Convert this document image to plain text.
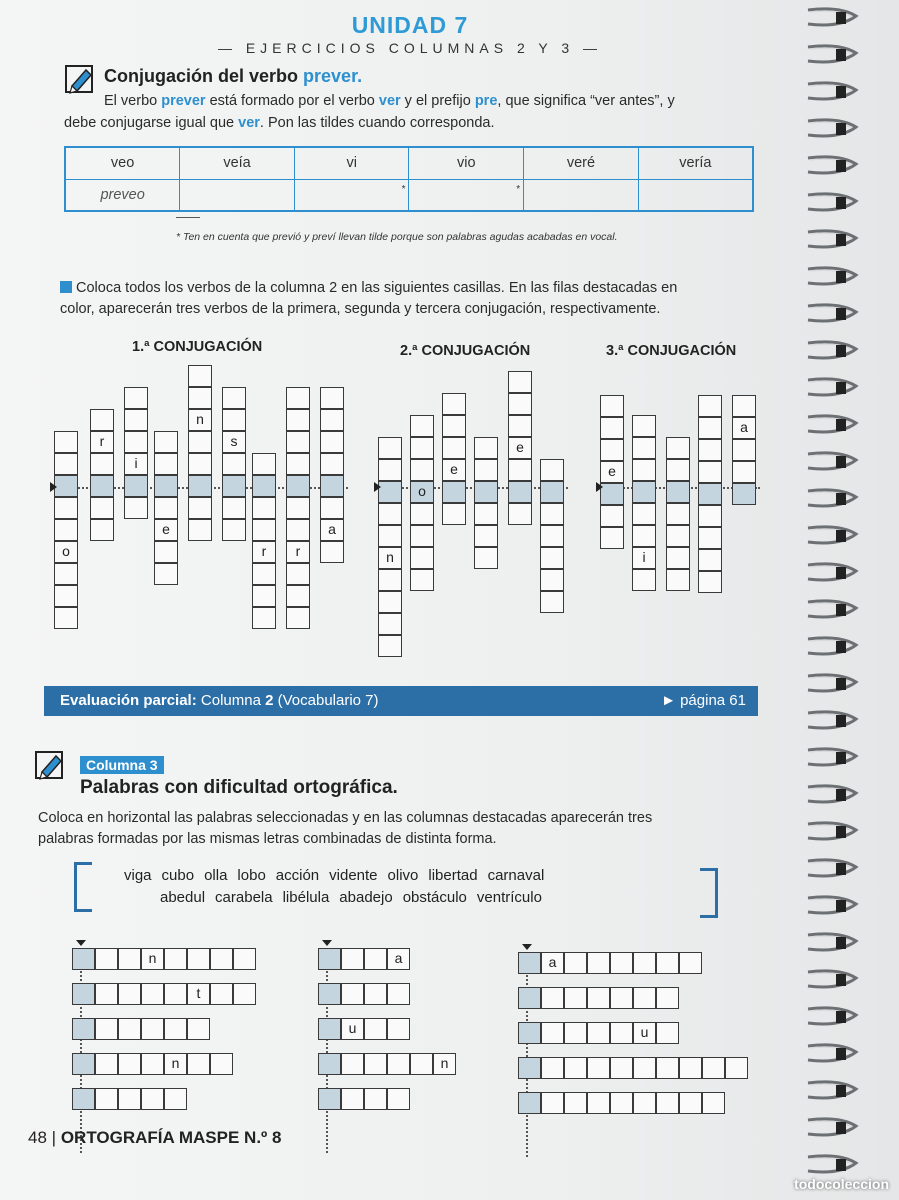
UNIDAD 7
— EJERCICIOS COLUMNAS 2 Y 3 —
Conjugación del verbo prever.
El verbo prever está formado por el verbo ver y el prefijo pre, que significa “ver antes”, y
debe conjugarse igual que ver. Pon las tildes cuando corresponda.
veo	veía	vi	vio	veré	vería
preveo		*	*		

* Ten en cuenta que previó y preví llevan tilde porque son palabras agudas acabadas en vocal.
Coloca todos los verbos de la columna 2 en las siguientes casillas. En las filas destacadas en
color, aparecerán tres verbos de la primera, segunda y tercera conjugación, respectivamente.
1.ª CONJUGACIÓN	2.ª CONJUGACIÓN	3.ª CONJUGACIÓN
o
r
i
e
n
s
r	r
a
n
o
e
e
e
i
a
Evaluación parcial: Columna 2 (Vocabulario 7)	► página 61
Columna 3
Palabras con dificultad ortográfica.
Coloca en horizontal las palabras seleccionadas y en las columnas destacadas aparecerán tres
palabras formadas por las mismas letras combinadas de distinta forma.
viga cubo olla lobo acción vidente olivo libertad carnaval
abedul carabela libélula abadejo obstáculo ventrículo
n
t
n
a
u
n
a
u
48 | ORTOGRAFÍA MASPE N.º 8
todocoleccion
